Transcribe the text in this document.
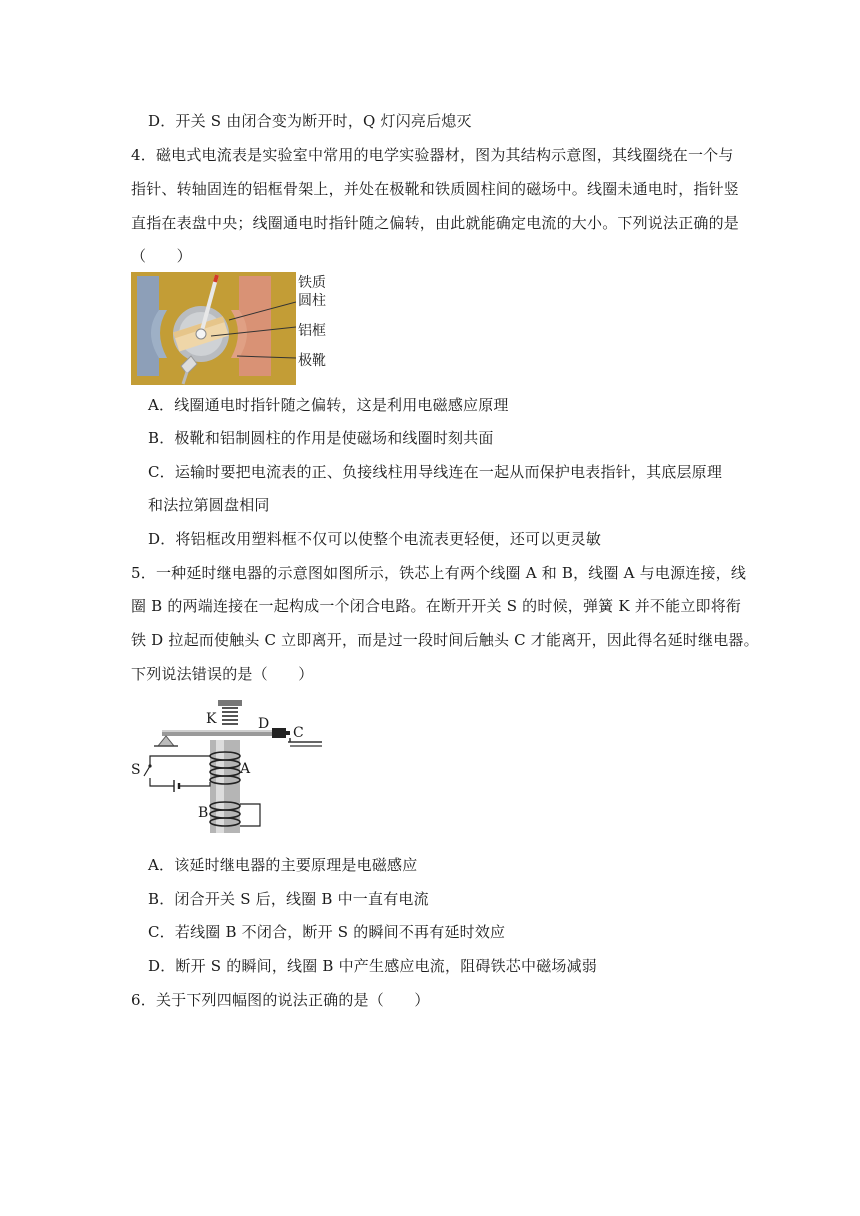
D．开关 S 由闭合变为断开时，Q 灯闪亮后熄灭
4．磁电式电流表是实验室中常用的电学实验器材，图为其结构示意图，其线圈绕在一个与
指针、转轴固连的铝框骨架上，并处在极靴和铁质圆柱间的磁场中。线圈未通电时，指针竖
直指在表盘中央；线圈通电时指针随之偏转，由此就能确定电流的大小。下列说法正确的是
（　　）
铁质
圆柱
铝框
极靴
A．线圈通电时指针随之偏转，这是利用电磁感应原理
B．极靴和铝制圆柱的作用是使磁场和线圈时刻共面
C．运输时要把电流表的正、负接线柱用导线连在一起从而保护电表指针，其底层原理
和法拉第圆盘相同
D．将铝框改用塑料框不仅可以使整个电流表更轻便，还可以更灵敏
5．一种延时继电器的示意图如图所示，铁芯上有两个线圈 A 和 B，线圈 A 与电源连接，线
圈 B 的两端连接在一起构成一个闭合电路。在断开开关 S 的时候，弹簧 K 并不能立即将衔
铁 D 拉起而使触头 C 立即离开，而是过一段时间后触头 C 才能离开，因此得名延时继电器。
下列说法错误的是（　　）
K	D
C
S	A
B
A．该延时继电器的主要原理是电磁感应
B．闭合开关 S 后，线圈 B 中一直有电流
C．若线圈 B 不闭合，断开 S 的瞬间不再有延时效应
D．断开 S 的瞬间，线圈 B 中产生感应电流，阻碍铁芯中磁场减弱
6．关于下列四幅图的说法正确的是（　　）
